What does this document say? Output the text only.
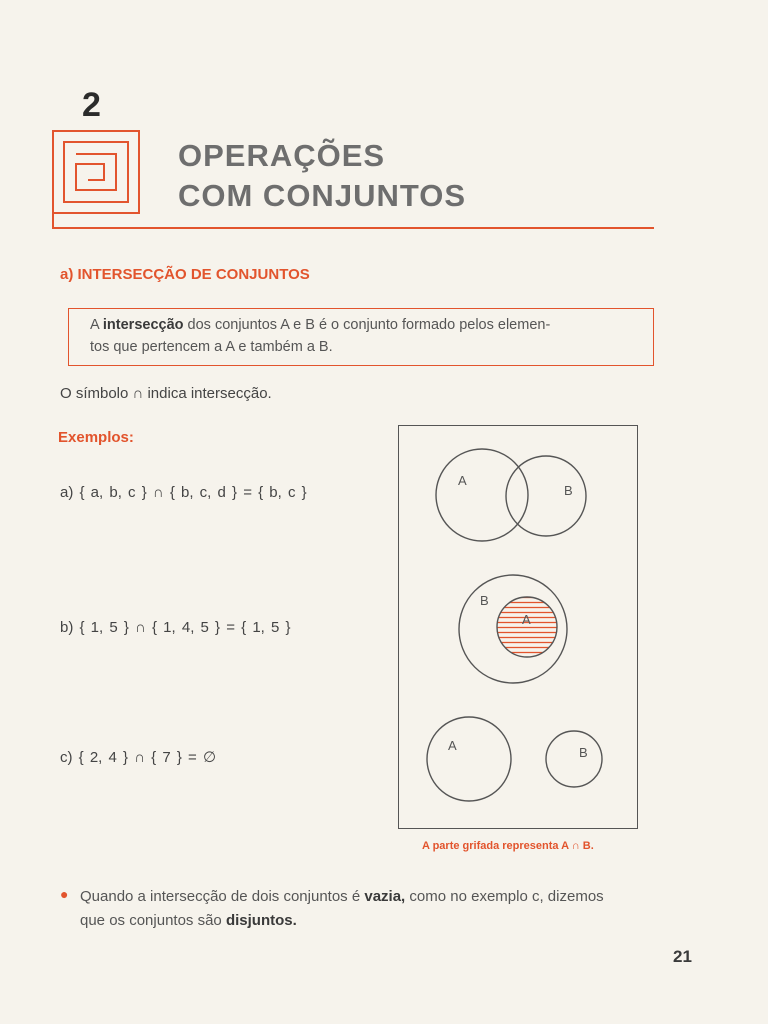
2
OPERAÇÕES
COM CONJUNTOS
a) INTERSECÇÃO DE CONJUNTOS
A intersecção dos conjuntos A e B é o conjunto formado pelos elemen-
tos que pertencem a A e também a B.
O símbolo ∩ indica intersecção.
Exemplos:
a) { a, b, c } ∩ { b, c, d } = { b, c }
b) { 1, 5 } ∩ { 1, 4, 5 } = { 1, 5 }
c) { 2, 4 } ∩ { 7 } = ∅
A
B
B
A
A	B
A parte grifada representa A ∩ B.
● Quando a intersecção de dois conjuntos é vazia, como no exemplo c, dizemos
que os conjuntos são disjuntos.
21
